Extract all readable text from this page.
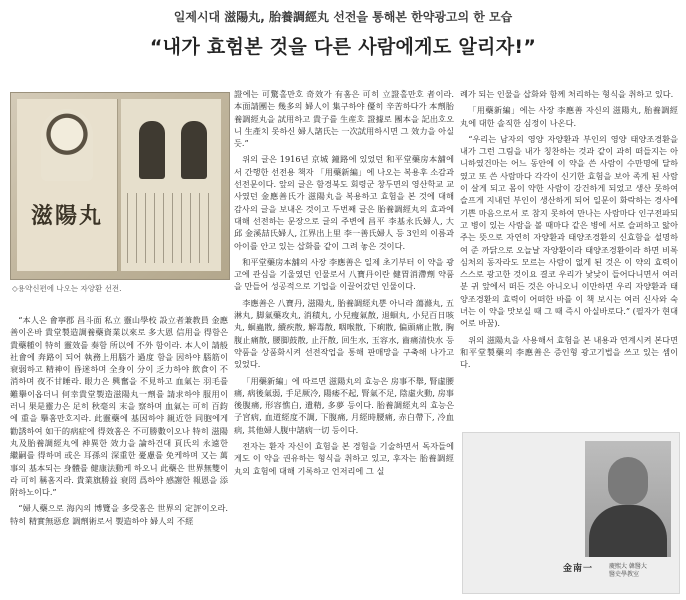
일제시대 滋陽丸, 胎養調經丸 선전을 통해본 한약광고의 한 모습
“내가 효험본 것을 다른 사람에게도 알리자!”
滋陽丸
◇용약신편에 나오는 자양환 선전.

“本人은 會寧郡 昌斗面 私立 靈山學校 設立者兼教員 金應善이온바 貴堂製造調養藥資業以來로 多大恩 信用을 得함은 貴藥種이 特히 靈效를 奏함 所以에 不外 함이라. 本人이 請般社會에 奔路이 되어 執務上用腦가 過度 함을 因하야 腦筋이 衰弱하고 精神이 昏迷하며 全身이 分이 乏力하야 飲食이 不消하며 夜不甘睡라. 眼力은 興奮을 不見하고 血氣는 羽毛를 難擧이옵더니 何幸貴堂製造滋陽丸一劑를 請求하야 服用이러니 果是靈力은 足히 秋毫의 末을 察하며 血氣는 可히 百鈞에 重을 擧홈만호지라. 此靈藥에 基因하야 親近한 同胞에게 勸誘하여 如干的病症에 得效홈은 不可勝數이오나 特히 滋陽丸及胎養調經丸에 神異한 效力을 論하건대 頁氏의 永遠한 繼嗣를 得하며 或은 耳孫의 深重한 憂慮를 免케하며 又는 萬事의 基本되는 身體를 健康法動케 하오니 此藥은 世界無雙이라 可히 稱홈지라. 貴業旗勝益 衰罔 爲하야 感謝한 報恩을 添附하노이다.”

“婦人藥으로 海內의 博覽을 多受홈은 世界의 定評이오라. 特히 精實無惡怠 調劑術로서 製造하야 婦人의 不經

證에는 可驚홀만호 奇效가 有홈은 可히 立證홀만호 者이라. 本面請團는 幾多의 婦人이 集구하야 優히 辛苦하다가 本劑胎養調經丸을 試用하고 貴子를 生産호 證據로 團本을 記出호오니 生產치 못하신 婦人諸氏는 一次試用하시면 그 效力을 아실 듯.”

위의 글은 1916년 京城 鐘路에 있었던 和平堂藥房本舖에서 간행한 선전용 책자 「用藥新編」에 나오는 복용후 소감과 선전문이다. 앞의 글은 함경북도 회령군 창두면의 영산학교 교사였던 金應善氏가 滋陽丸을 복용하고 효험을 본 것에 대해 감사의 글을 보내온 것이고 두번째 글은 胎養調經丸의 효과에 대해 선전하는 문장으로 글의 주변에 昌平 李基永氏婦人, 大邱 金溪喆氏婦人, 江界出上里 李一善氏婦人 등 3인의 이름과 아이를 안고 있는 삽화를 같이 그려 놓은 것이다.

和平堂藥房本舖의 사장 李應善은 일제 초기부터 이 약을 광고에 관심을 기울였던 인물로서 八寶丹이란 健胃消滯劑 약품을 만들어 성공적으로 기업을 이끌어갔던 인물이다.

李應善은 八寶丹, 滋陽丸, 胎養調經丸뿐 아니라 蕩滌丸, 五淋丸, 脚氣藥攻丸, 消積丸, 小兒瘦氣散, 退蛔丸, 小兒百日咳丸, 蛔蟲散, 續疾散, 解毒散, 咽喉散, 下痢散, 偏頭痛止散, 胸腹止痛散, 腰脚鼓散, 止汗散, 回生水, 玉容水, 齒痛清快水 등 약품을 상품화시켜 선전작업을 통해 판매망을 구축해 나가고 있었다.

「用藥新編」에 따르면 滋陽丸의 효능은 房事不舉, 腎虛腰痛, 病後氣弱, 手足厥冷, 陽痿不起, 腎氣不足, 陰虛火動, 房事後腹痛, 形容憔白, 遺精, 多夢 등이다. 胎養調經丸의 효능은 子宮病, 血道經度不調, 下腹痛, 月經時腰痛, 赤白帶下, 冷血病, 其他婦人腹中諸病一切 등이다.

전자는 환자 자신이 효험을 본 경험을 기술하면서 독자들에게도 이 약을 권유하는 형식을 취하고 있고, 후자는 胎養調經丸의 효험에 대해 기록하고 언저리에 그 실

례가 되는 인물을 삽화와 함께 처리하는 형식을 취하고 있다.

「用藥新編」에는 사장 李應善 자신의 滋陽丸, 胎養調經丸에 대한 솔직한 심정이 나온다.

“우리는 남자의 영양 자양환과 부인의 영양 태양조경환을 내가 그런 그림을 내가 칭찬하는 것과 같이 과히 떠들지는 아니하였건마는 어느 동안에 이 약을 쓴 사람이 수만명에 달하였고 또 쓴 사람마다 각각이 신기한 효험을 보아 족게 된 사람이 살게 되고 몸이 약한 사람이 강건하게 되었고 생산 못하여 슬프게 지내던 부인이 생산하게 되어 일문이 화락하는 경사에 기쁜 마음으로서 로 참지 못하여 만나는 사람마다 인구전파되고 병이 있는 사람을 볼 때마다 같은 병에 서로 슬퍼하고 앓아주는 뜻으로 자연히 자양환과 태양조경환의 신효함을 설명하여 준 까닭으로 오늘날 자양환이라 태양조경환이라 하면 비록 심처의 동자라도 모르는 사람이 없게 된 것은 이 약의 효력이 스스로 광고한 것이요 결코 우리가 낯낮이 들어다니면서 여러분 귀 앞에서 떠든 것은 아니오니 이만하면 우리 자양환과 태양조경환의 효력이 어떠한 바를 이 책 보시는 여러 신사와 숙녀는 이 약을 맛보실 때 그 때 즉시 아실바로다.” (필자가 현대어로 바꿈).

위의 滋陽丸을 사용해서 효험을 본 내용과 연계시켜 본다면 和平堂製藥의 李應善은 증인형 광고기법을 쓰고 있는 셈이다.

金南一	慶熙大 韓醫大
醫史學教室
